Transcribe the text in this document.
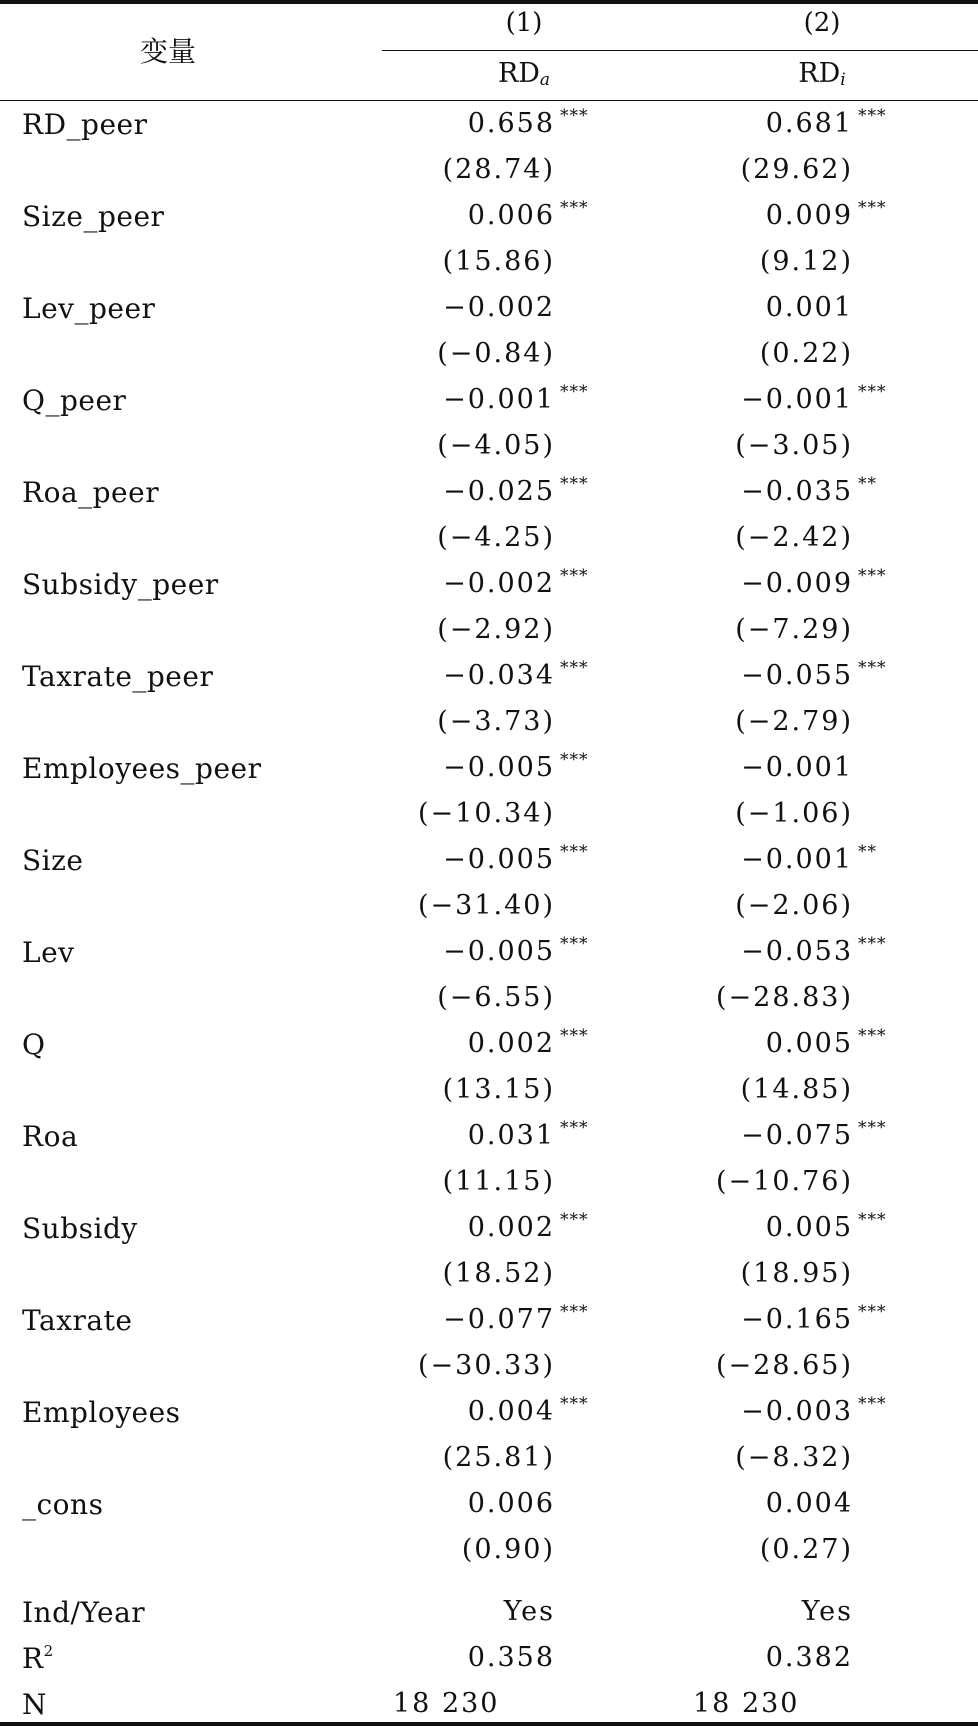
变量
(1)	(2)
$RD_a$	$RD_i$
RD_peer	0.658 ***	0.681 ***
(28.74)	(29.62)
Size_peer	0.006 ***	0.009 ***
(15.86)	(9.12)
Lev_peer	−0.002	0.001
(−0.84)	(0.22)
Q_peer	−0.001 ***	−0.001 ***
(−4.05)	(−3.05)
Roa_peer	−0.025 ***	−0.035 **
(−4.25)	(−2.42)
Subsidy_peer	−0.002 ***	−0.009 ***
(−2.92)	(−7.29)
Taxrate_peer	−0.034 ***	−0.055 ***
(−3.73)	(−2.79)
Employees_peer	−0.005 ***	−0.001
(−10.34)	(−1.06)
Size	−0.005 ***	−0.001 **
(−31.40)	(−2.06)
Lev	−0.005 ***	−0.053 ***
(−6.55)	(−28.83)
Q	0.002 ***	0.005 ***
(13.15)	(14.85)
Roa	0.031 ***	−0.075 ***
(11.15)	(−10.76)
Subsidy	0.002 ***	0.005 ***
(18.52)	(18.95)
Taxrate	−0.077 ***	−0.165 ***
(−30.33)	(−28.65)
Employees	0.004 ***	−0.003 ***
(25.81)	(−8.32)
_cons	0.006	0.004
(0.90)	(0.27)
Ind/Year	Yes	Yes
$R^2$	0.358	0.382
N	18 230	18 230
